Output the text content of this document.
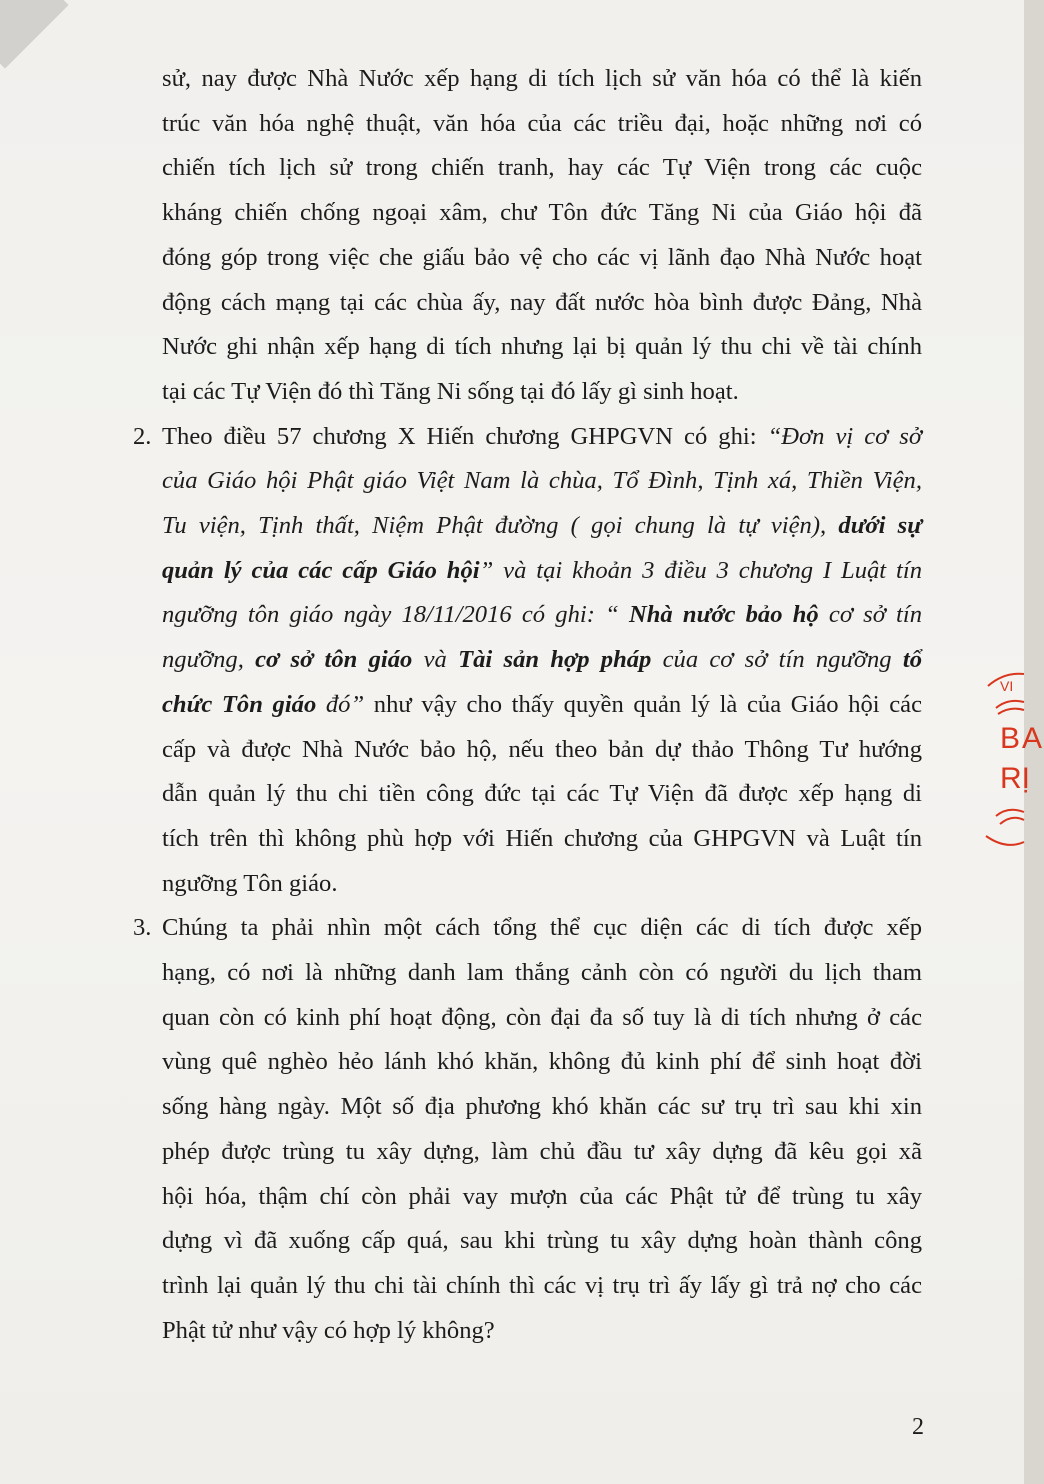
sử, nay được Nhà Nước xếp hạng di tích lịch sử văn hóa có thể là kiến
trúc văn hóa nghệ thuật, văn hóa của các triều đại, hoặc những nơi có
chiến tích lịch sử trong chiến tranh, hay các Tự Viện trong các cuộc
kháng chiến chống ngoại xâm, chư Tôn đức Tăng Ni của Giáo hội đã
đóng góp trong việc che giấu bảo vệ cho các vị lãnh đạo Nhà Nước hoạt
động cách mạng tại các chùa ấy, nay đất nước hòa bình được Đảng, Nhà
Nước ghi nhận xếp hạng di tích nhưng lại bị quản lý thu chi về tài chính
tại các Tự Viện đó thì Tăng Ni sống tại đó lấy gì sinh hoạt.
2. Theo điều 57 chương X Hiến chương GHPGVN có ghi: “Đơn vị cơ sở
của Giáo hội Phật giáo Việt Nam là chùa, Tổ Đình, Tịnh xá, Thiền Viện,
Tu viện, Tịnh thất, Niệm Phật đường ( gọi chung là tự viện), dưới sự
quản lý của các cấp Giáo hội” và tại khoản 3 điều 3 chương I Luật tín
ngưỡng tôn giáo ngày 18/11/2016 có ghi: “ Nhà nước bảo hộ cơ sở tín
ngưỡng, cơ sở tôn giáo và Tài sản hợp pháp của cơ sở tín ngưỡng tổ
chức Tôn giáo đó” như vậy cho thấy quyền quản lý là của Giáo hội các
cấp và được Nhà Nước bảo hộ, nếu theo bản dự thảo Thông Tư hướng
dẫn quản lý thu chi tiền công đức tại các Tự Viện đã được xếp hạng di
tích trên thì không phù hợp với Hiến chương của GHPGVN và Luật tín
ngưỡng Tôn giáo.
3. Chúng ta phải nhìn một cách tổng thể cục diện các di tích được xếp
hạng, có nơi là những danh lam thắng cảnh còn có người du lịch tham
quan còn có kinh phí hoạt động, còn đại đa số tuy là di tích nhưng ở các
vùng quê nghèo hẻo lánh khó khăn, không đủ kinh phí để sinh hoạt đời
sống hàng ngày. Một số địa phương khó khăn các sư trụ trì sau khi xin
phép được trùng tu xây dựng, làm chủ đầu tư xây dựng đã kêu gọi xã
hội hóa, thậm chí còn phải vay mượn của các Phật tử để trùng tu xây
dựng vì đã xuống cấp quá, sau khi trùng tu xây dựng hoàn thành công
trình lại quản lý thu chi tài chính thì các vị trụ trì ấy lấy gì trả nợ cho các
Phật tử như vậy có hợp lý không?
VI
BA
RỊ
2
